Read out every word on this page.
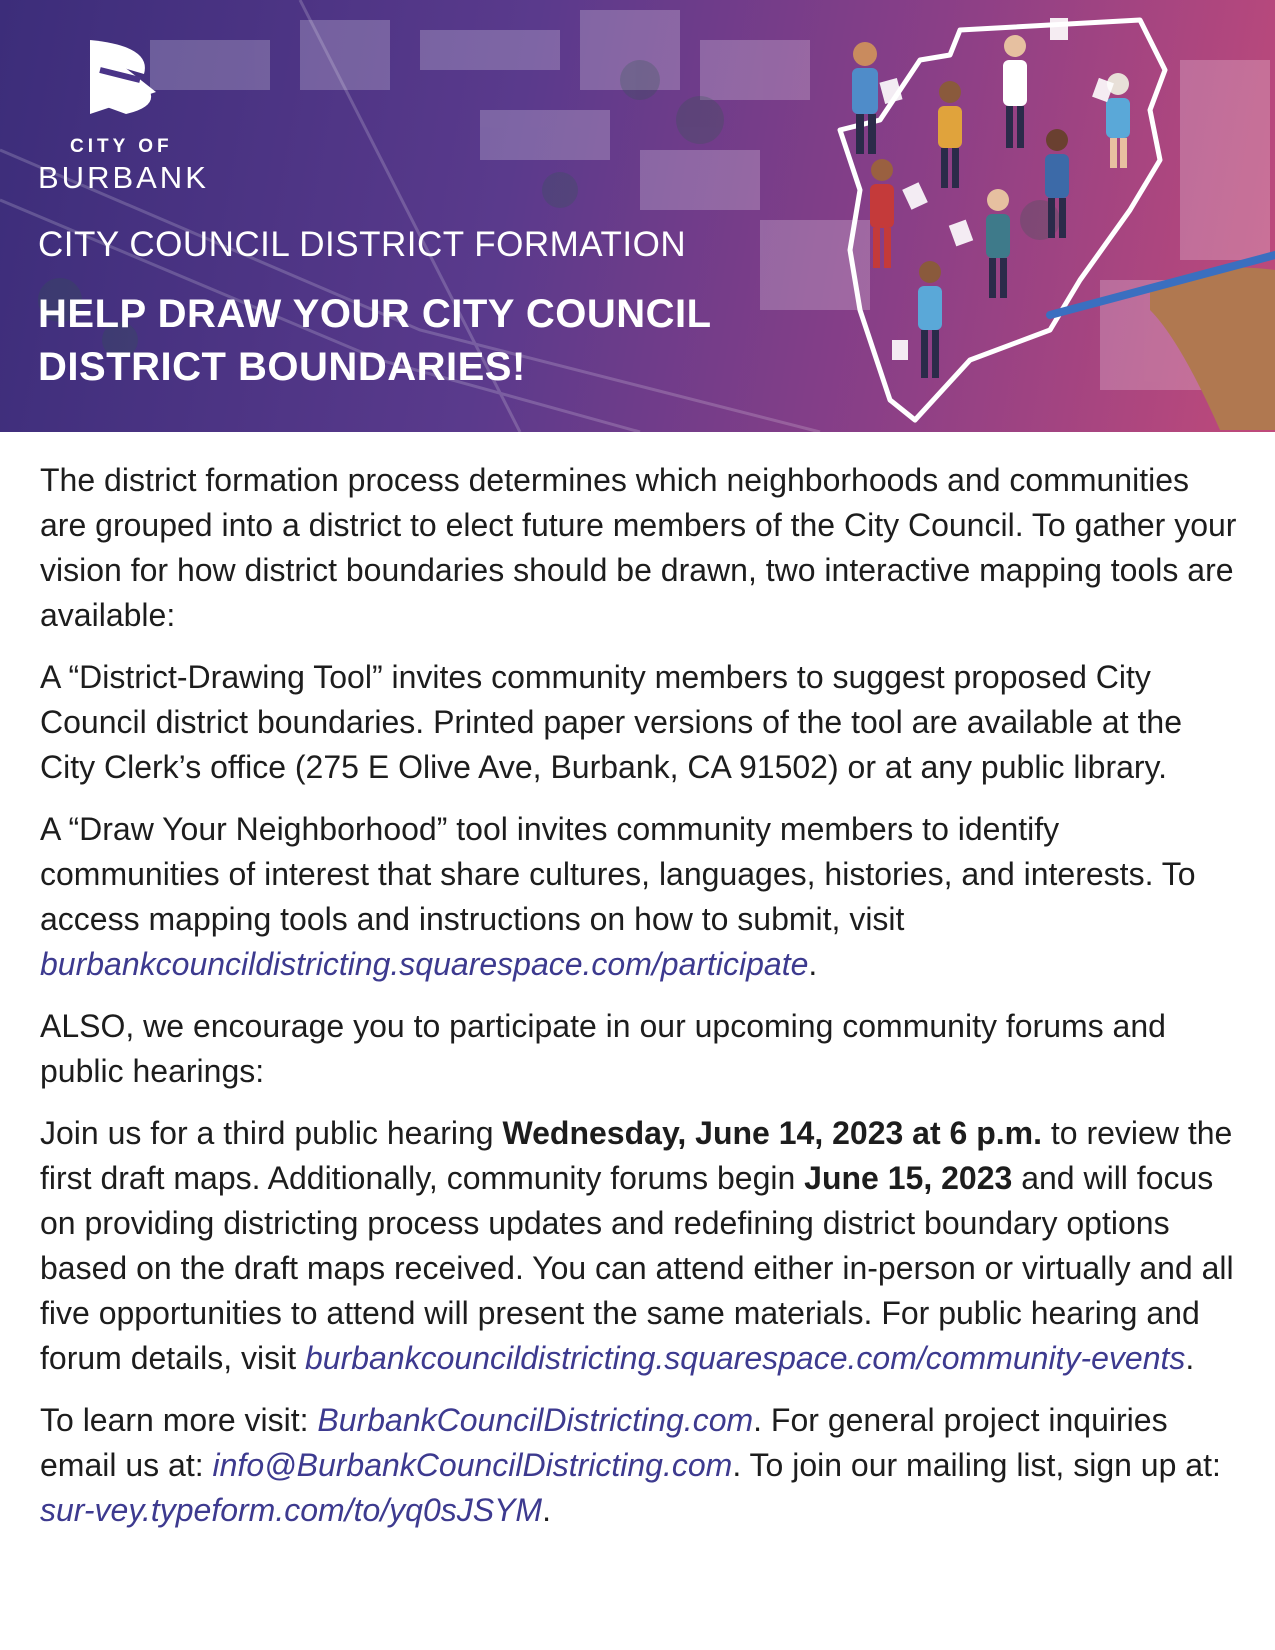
CITY OF
BURBANK
CITY COUNCIL DISTRICT FORMATION
HELP DRAW YOUR CITY COUNCIL
DISTRICT BOUNDARIES!

The district formation process determines which neighborhoods and communities are grouped into a district to elect future members of the City Council. To gather your vision for how district boundaries should be drawn, two interactive mapping tools are available:

A “District-Drawing Tool” invites community members to suggest proposed City Council district boundaries. Printed paper versions of the tool are available at the City Clerk’s office (275 E Olive Ave, Burbank, CA 91502) or at any public library.

A “Draw Your Neighborhood” tool invites community members to identify communities of interest that share cultures, languages, histories, and interests. To access mapping tools and instructions on how to submit, visit burbankcouncildistricting.squarespace.com/participate.

ALSO, we encourage you to participate in our upcoming community forums and public hearings:

Join us for a third public hearing Wednesday, June 14, 2023 at 6 p.m. to review the first draft maps. Additionally, community forums begin June 15, 2023 and will focus on providing districting process updates and redefining district boundary options based on the draft maps received. You can attend either in-person or virtually and all five opportunities to attend will present the same materials. For public hearing and forum details, visit burbankcouncildistricting.squarespace.com/community-events.

To learn more visit: BurbankCouncilDistricting.com. For general project inquiries email us at: info@BurbankCouncilDistricting.com. To join our mailing list, sign up at: sur-vey.typeform.com/to/yq0sJSYM.
